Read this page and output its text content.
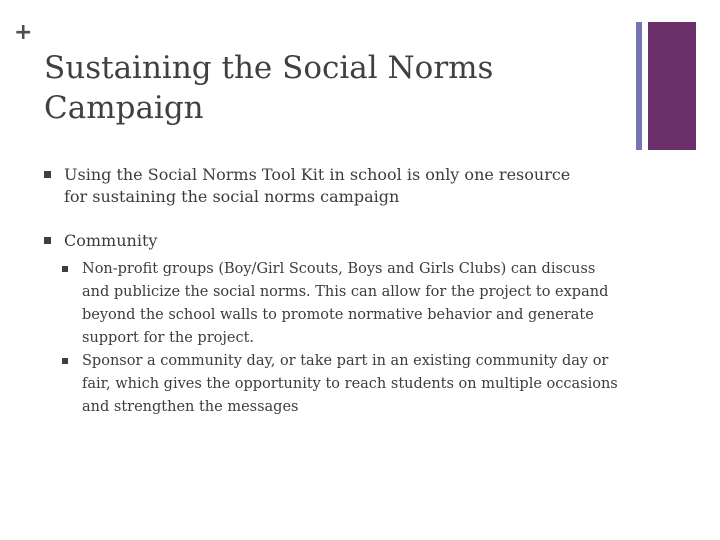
+
Sustaining the Social Norms Campaign
Using the Social Norms Tool Kit in school is only one resource for sustaining the social norms campaign
Community
Non-profit groups (Boy/Girl Scouts, Boys and Girls Clubs) can discuss and publicize the social norms. This can allow for the project to expand beyond the school walls to promote normative behavior and generate support for the project.
Sponsor a community day, or take part in an existing community day or fair, which gives the opportunity to reach students on multiple occasions and strengthen the messages
